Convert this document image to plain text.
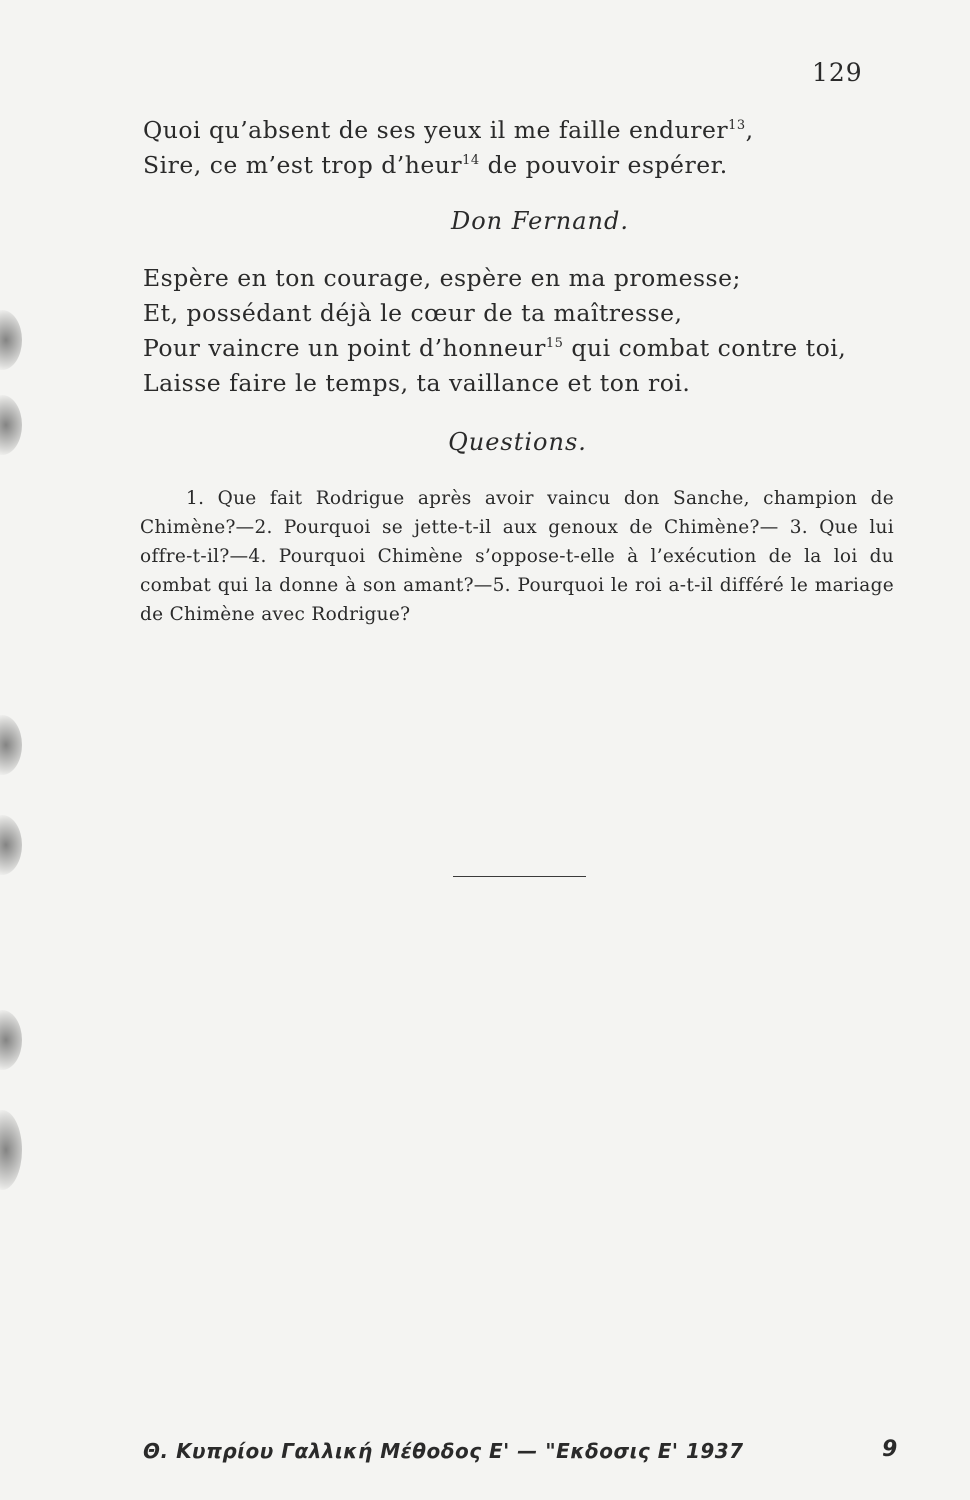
129
Quoi qu’absent de ses yeux il me faille endurer$^{13}$,
Sire, ce m’est trop d’heur$^{14}$ de pouvoir espérer.
Don Fernand.
Espère en ton courage, espère en ma promesse;
Et, possédant déjà le cœur de ta maîtresse,
Pour vaincre un point d’honneur$^{15}$ qui combat contre toi,
Laisse faire le temps, ta vaillance et ton roi.
Questions.
1. Que fait Rodrigue après avoir vaincu don Sanche, champion de Chimène?—2. Pourquoi se jette-t-il aux genoux de Chimène?— 3. Que lui offre-t-il?—4. Pourquoi Chimène s’oppose-t-elle à l’exécution de la loi du combat qui la donne à son amant?—5. Pourquoi le roi a-t-il différé le mariage de Chimène avec Rodrigue?
Θ. Κυπρίου Γαλλική Μέθοδος Ε' — "Εκδοσις Ε' 1937	9
